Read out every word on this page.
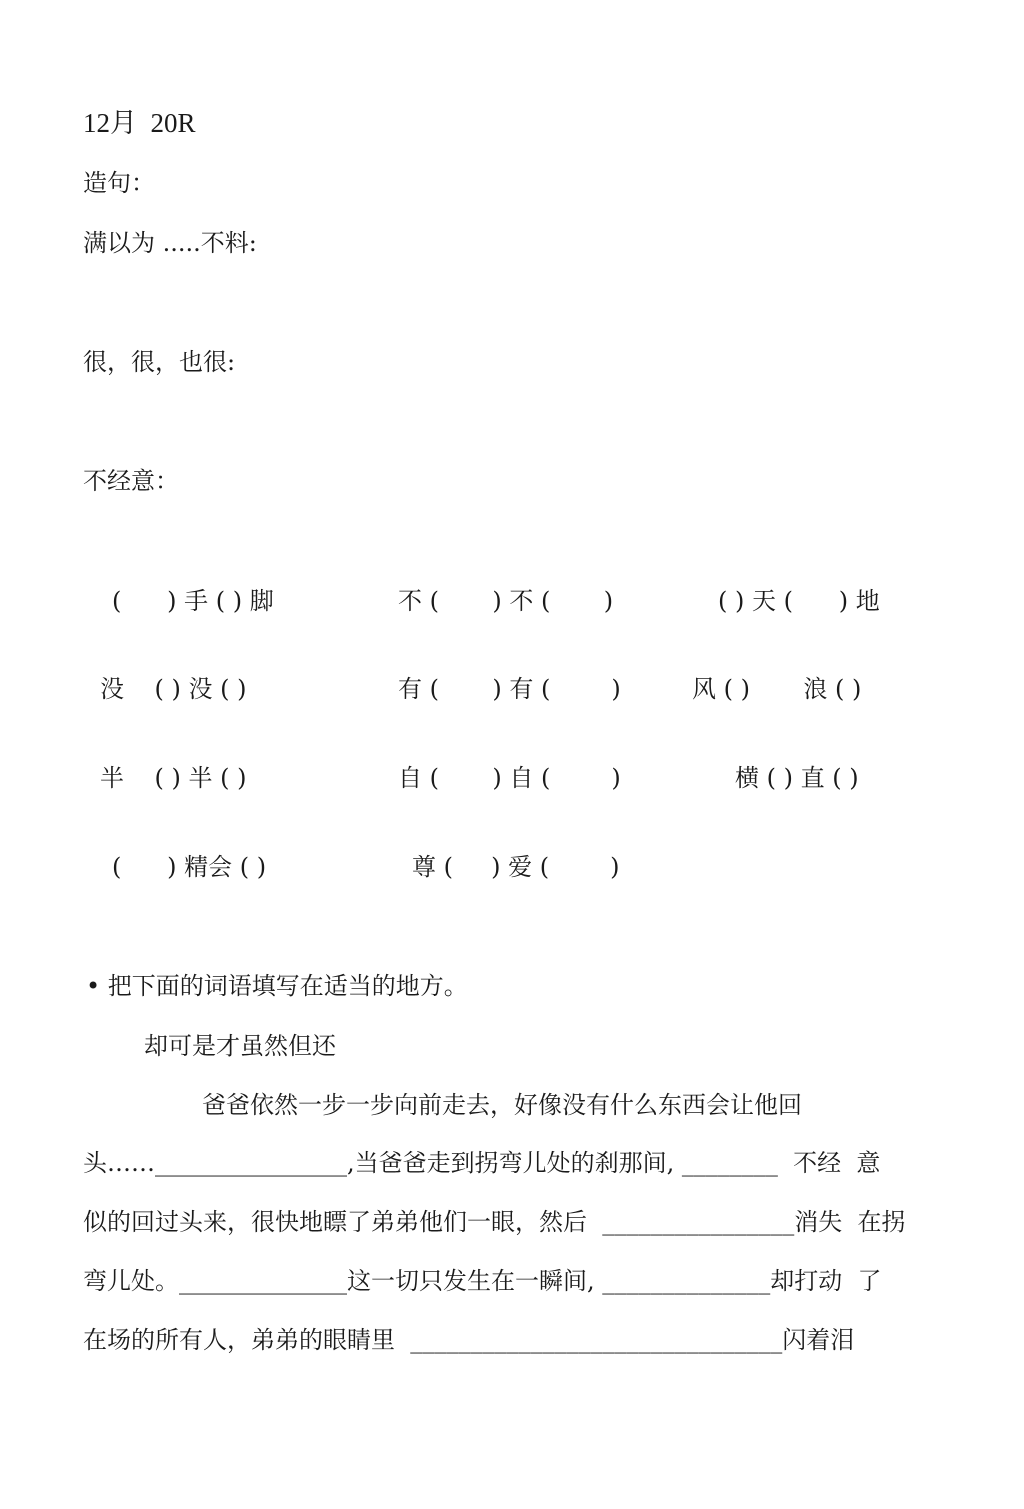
12月  20R
造句：
满以为 .....不料:
很，很，也很:
不经意：
(      ) 手 ( ) 脚	不 (       ) 不 (       )	( ) 天 (      ) 地
没    ( ) 没 ( )	有 (       ) 有 (        )	风 ( )       浪 ( )
半    ( ) 半 ( )	自 (       ) 自 (        )	横 ( ) 直 ( )
(      ) 精会 ( )	尊 (     ) 爱 (        )
• 把下面的词语填写在适当的地方。
却可是才虽然但还
爸爸依然一步一步向前走去，好像没有什么东西会让他回
头……________________,当爸爸走到拐弯儿处的刹那间, ________  不经  意
似的回过头来，很快地瞟了弟弟他们一眼，然后  ________________消失  在拐
弯儿处。______________这一切只发生在一瞬间, ______________却打动  了
在场的所有人，弟弟的眼睛里  _______________________________闪着泪
